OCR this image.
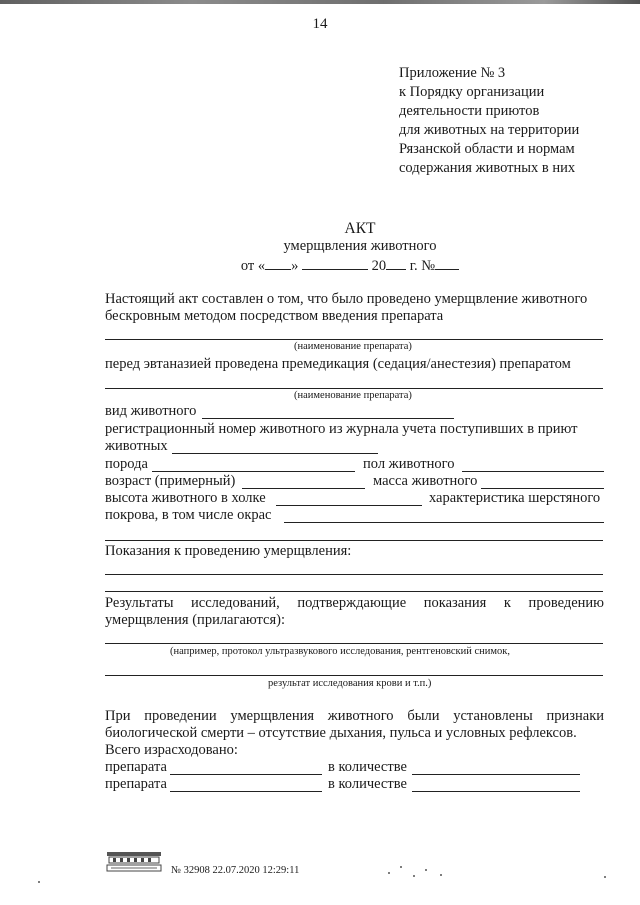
14
Приложение № 3
к Порядку организации
деятельности приютов
для животных на территории
Рязанской области и нормам
содержания животных в них
АКТ
умерщвления животного
от « »	20 г. №
Настоящий акт составлен о том, что было проведено умерщвление животного
бескровным методом посредством введения препарата
(наименование препарата)
перед эвтаназией проведена премедикация (седация/анестезия) препаратом
(наименование препарата)
вид животного
регистрационный номер животного из журнала учета поступивших в приют
животных
порода	пол животного
возраст (примерный)	масса животного
высота животного в холке	характеристика шерстяного
покрова, в том числе окрас
Показания к проведению умерщвления:
Результаты исследований, подтверждающие показания к проведению
умерщвления (прилагаются):
(например, протокол ультразвукового исследования, рентгеновский снимок,
результат исследования крови и т.п.)
При проведении умерщвления животного были установлены признаки
биологической смерти – отсутствие дыхания, пульса и условных рефлексов.
Всего израсходовано:
препарата	в количестве
препарата	в количестве
№ 32908 22.07.2020 12:29:11
